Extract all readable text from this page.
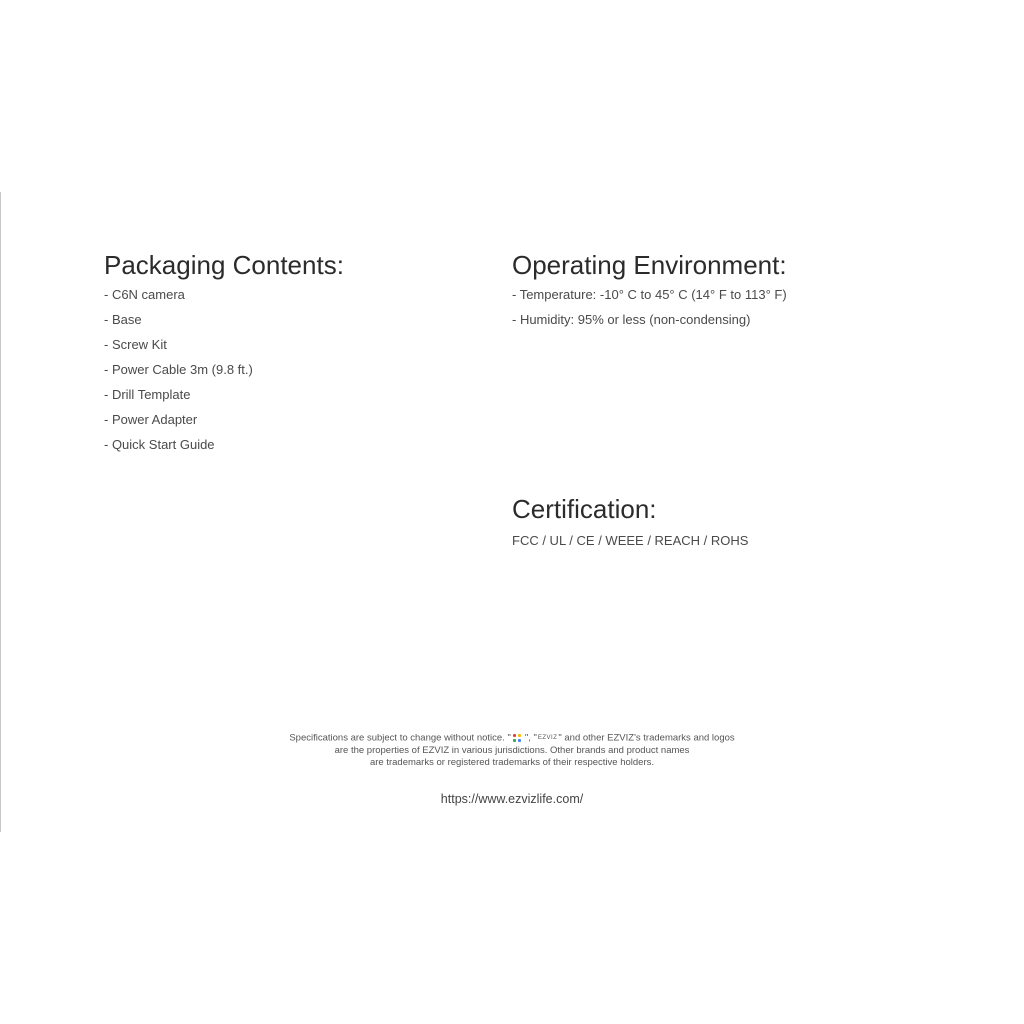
Packaging Contents:
- C6N camera
- Base
- Screw Kit
- Power Cable 3m (9.8 ft.)
- Drill Template
- Power Adapter
- Quick Start Guide
Operating Environment:
- Temperature: -10° C to 45° C (14° F to 113° F)
- Humidity: 95% or less (non-condensing)
Certification:
FCC / UL / CE / WEEE / REACH / ROHS
Specifications are subject to change without notice. " ", "EZVIZ" and other EZVIZ's trademarks and logos
are the properties of EZVIZ in various jurisdictions. Other brands and product names
are trademarks or registered trademarks of their respective holders.
https://www.ezvizlife.com/
